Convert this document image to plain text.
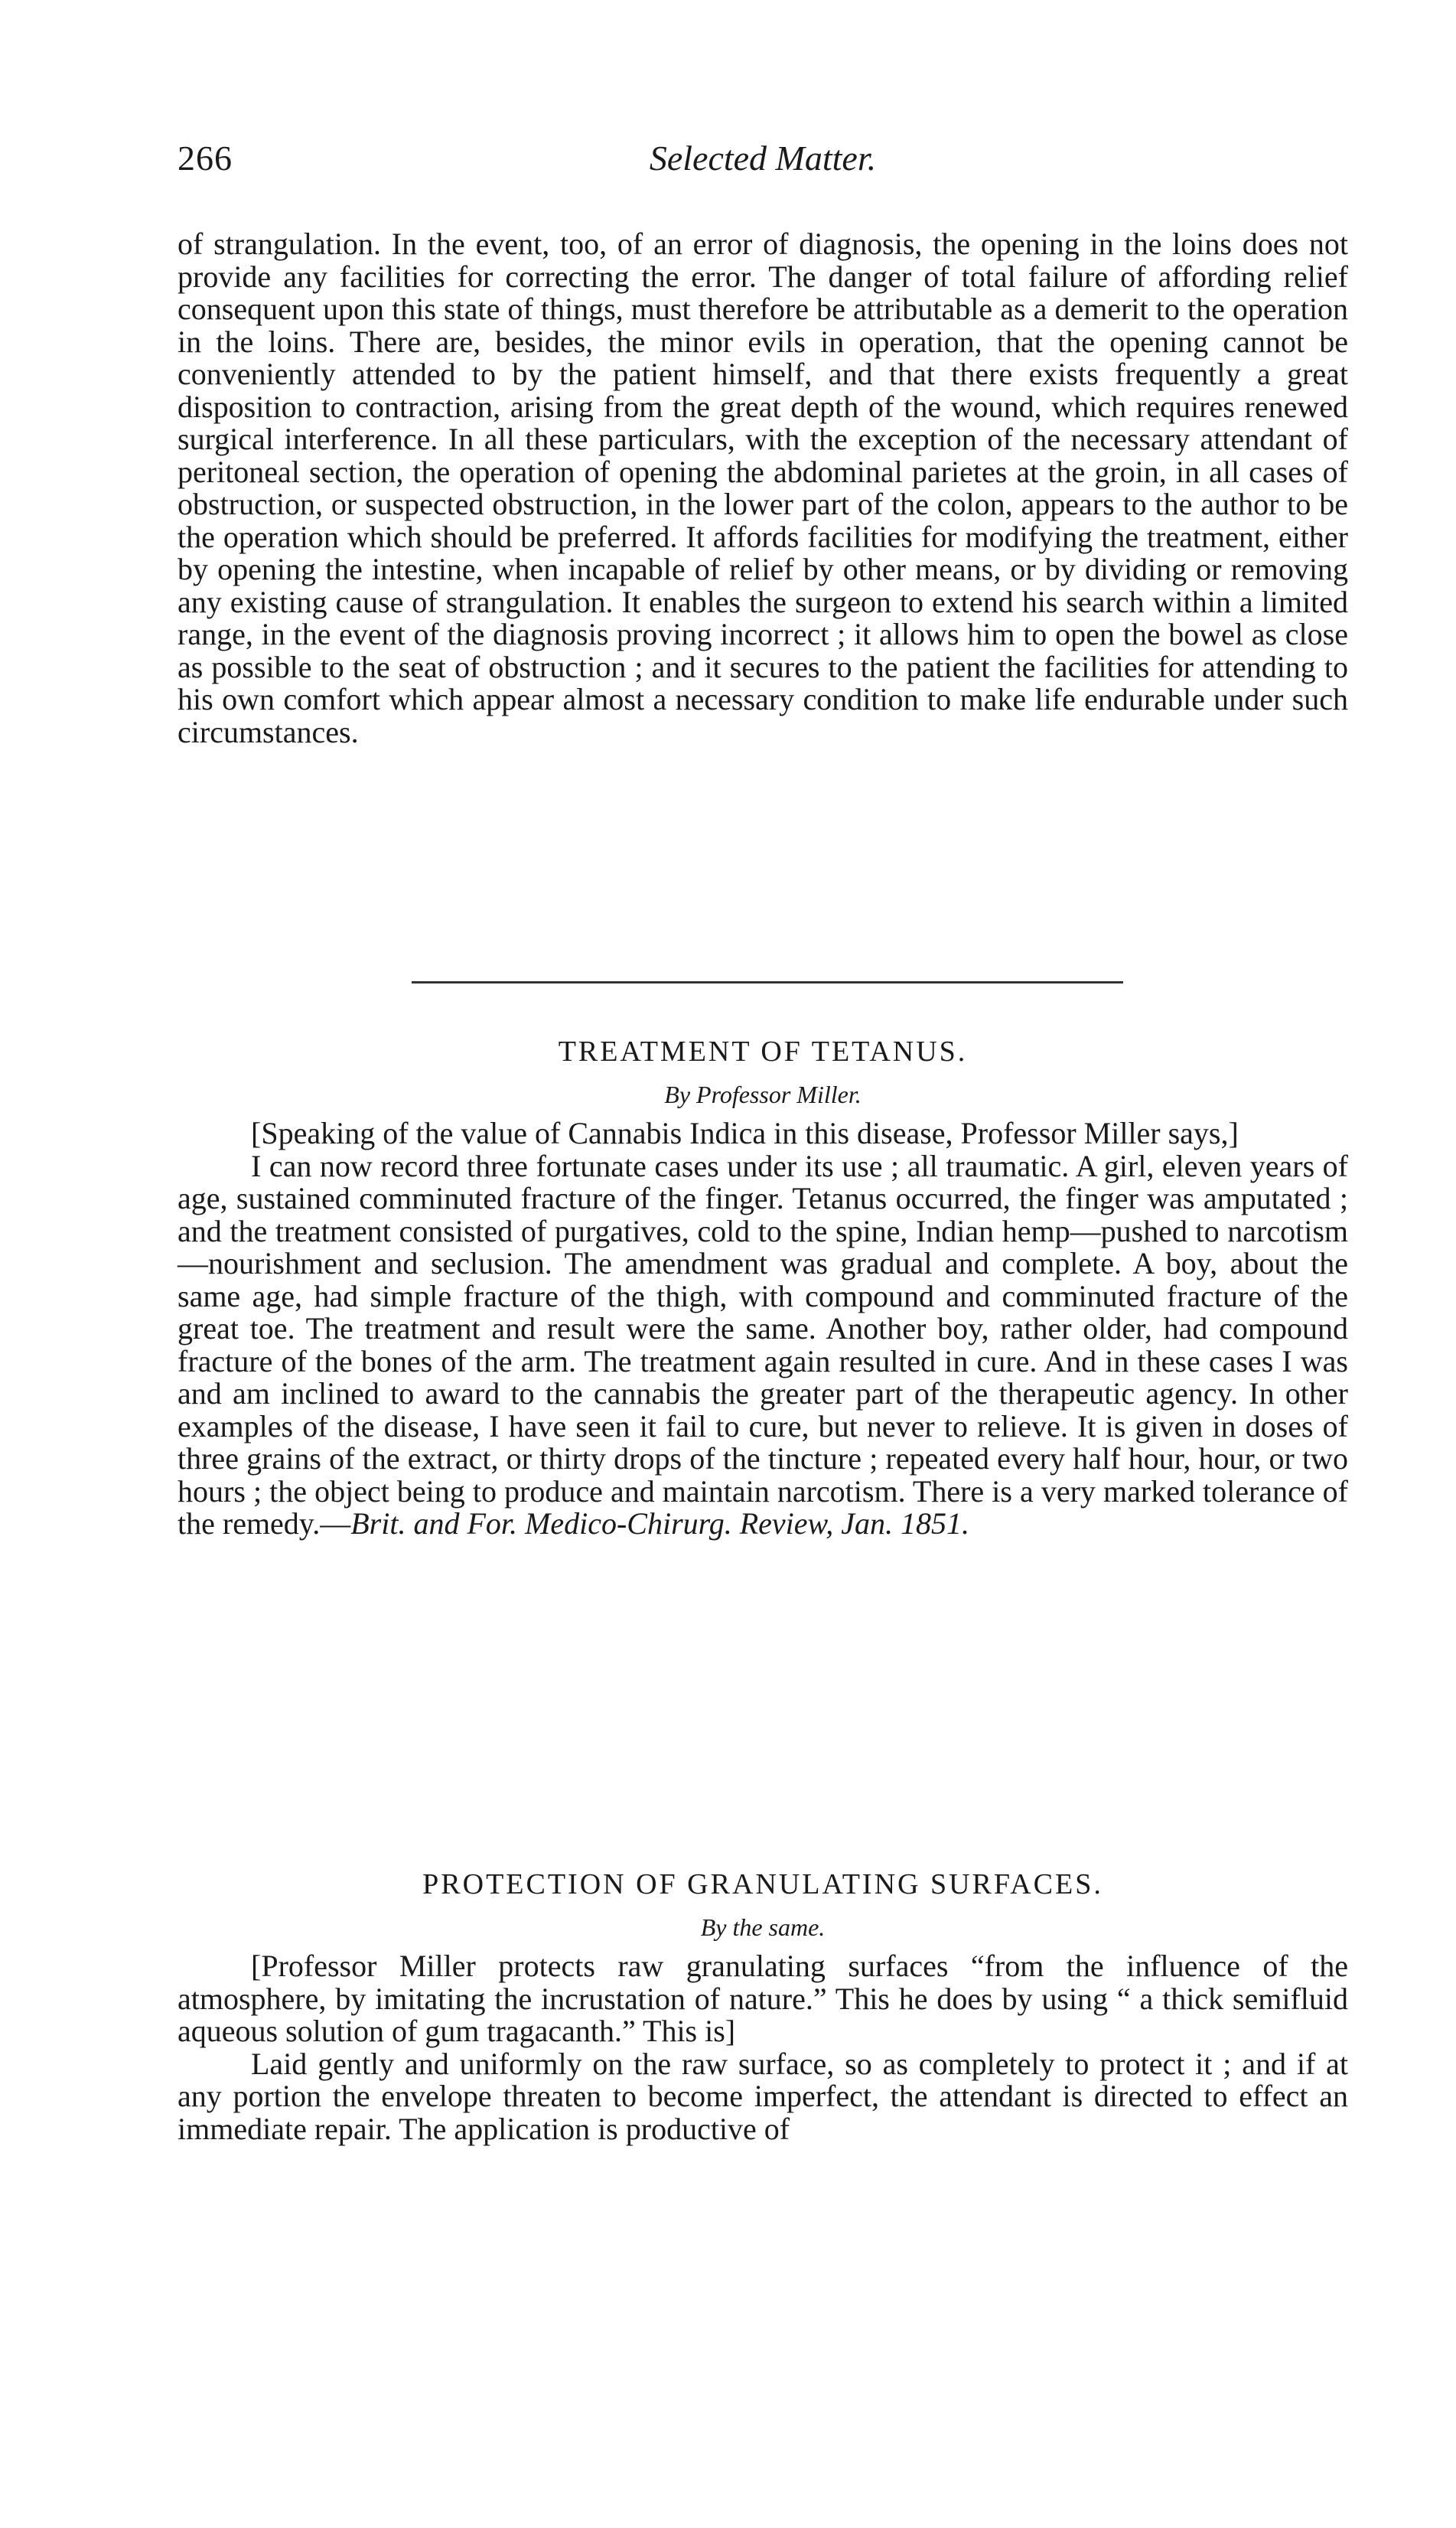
266	Selected Matter.

of strangulation. In the event, too, of an error of diagnosis, the opening in the loins does not provide any facilities for correcting the error. The danger of total failure of affording relief consequent upon this state of things, must therefore be attributable as a demerit to the operation in the loins. There are, besides, the minor evils in operation, that the opening cannot be conveniently attended to by the patient himself, and that there exists frequently a great disposition to contraction, arising from the great depth of the wound, which requires renewed surgical interference. In all these particulars, with the exception of the necessary attendant of peritoneal section, the operation of opening the abdominal parietes at the groin, in all cases of obstruction, or suspected obstruction, in the lower part of the colon, appears to the author to be the operation which should be preferred. It affords facilities for modifying the treatment, either by opening the intestine, when incapable of relief by other means, or by dividing or removing any existing cause of strangulation. It enables the surgeon to extend his search within a limited range, in the event of the diagnosis proving incorrect ; it allows him to open the bowel as close as possible to the seat of obstruction ; and it secures to the patient the facilities for attending to his own comfort which appear almost a necessary condition to make life endurable under such circumstances.

TREATMENT OF TETANUS.
By Professor Miller.

[Speaking of the value of Cannabis Indica in this disease, Professor Miller says,]

I can now record three fortunate cases under its use ; all traumatic. A girl, eleven years of age, sustained comminuted fracture of the finger. Tetanus occurred, the finger was amputated ; and the treatment consisted of purgatives, cold to the spine, Indian hemp—pushed to narcotism—nourishment and seclusion. The amendment was gradual and complete. A boy, about the same age, had simple fracture of the thigh, with compound and comminuted fracture of the great toe. The treatment and result were the same. Another boy, rather older, had compound fracture of the bones of the arm. The treatment again resulted in cure. And in these cases I was and am inclined to award to the cannabis the greater part of the therapeutic agency. In other examples of the disease, I have seen it fail to cure, but never to relieve. It is given in doses of three grains of the extract, or thirty drops of the tincture ; repeated every half hour, hour, or two hours ; the object being to produce and maintain narcotism. There is a very marked tolerance of the remedy.—Brit. and For. Medico-Chirurg. Review, Jan. 1851.

PROTECTION OF GRANULATING SURFACES.
By the same.

[Professor Miller protects raw granulating surfaces “from the influence of the atmosphere, by imitating the incrustation of nature.” This he does by using “ a thick semifluid aqueous solution of gum tragacanth.” This is]

Laid gently and uniformly on the raw surface, so as completely to protect it ; and if at any portion the envelope threaten to become imperfect, the attendant is directed to effect an immediate repair. The application is productive of
